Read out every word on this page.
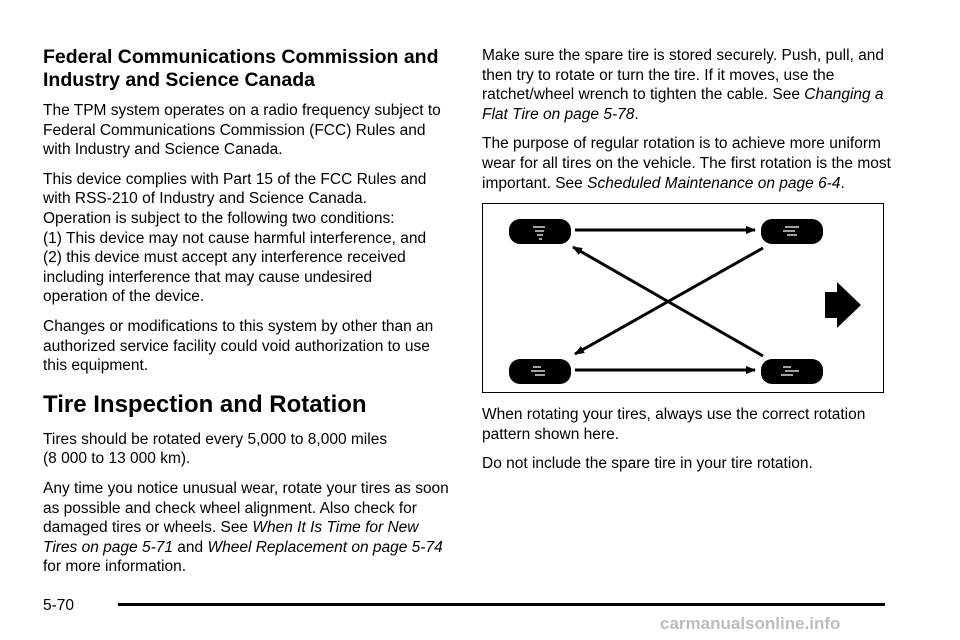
Federal Communications Commission and Industry and Science Canada

The TPM system operates on a radio frequency subject to Federal Communications Commission (FCC) Rules and with Industry and Science Canada.

This device complies with Part 15 of the FCC Rules and
with RSS-210 of Industry and Science Canada.
Operation is subject to the following two conditions:
(1) This device may not cause harmful interference, and
(2) this device must accept any interference received
including interference that may cause undesired
operation of the device.

Changes or modifications to this system by other than an authorized service facility could void authorization to use this equipment.

Tire Inspection and Rotation

Tires should be rotated every 5,000 to 8,000 miles
(8 000 to 13 000 km).

Any time you notice unusual wear, rotate your tires as soon as possible and check wheel alignment. Also check for damaged tires or wheels. See When It Is Time for New Tires on page 5-71 and Wheel Replacement on page 5-74 for more information.

Make sure the spare tire is stored securely. Push, pull, and then try to rotate or turn the tire. If it moves, use the ratchet/wheel wrench to tighten the cable. See Changing a Flat Tire on page 5-78.

The purpose of regular rotation is to achieve more uniform wear for all tires on the vehicle. The first rotation is the most important. See Scheduled Maintenance on page 6-4.

When rotating your tires, always use the correct rotation pattern shown here.

Do not include the spare tire in your tire rotation.

5-70
carmanualsonline.info
